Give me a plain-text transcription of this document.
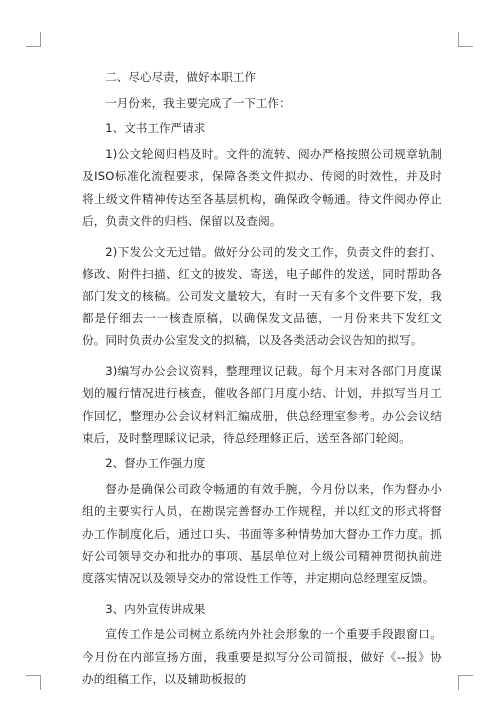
二、尽心尽责，做好本职工作

一月份来，我主要完成了一下工作：

1、文书工作严请求

1)公文轮阅归档及时。文件的流转、阅办严格按照公司规章轨制及ISO标准化流程要求，保障各类文件拟办、传阅的时效性，并及时将上级文件精神传达至各基层机构，确保政令畅通。待文件阅办停止后，负责文件的归档、保留以及查阅。

2)下发公文无过错。做好分公司的发文工作，负责文件的套打、修改、附件扫描、红文的披发、寄送，电子邮件的发送，同时帮助各部门发文的核稿。公司发文量较大，有时一天有多个文件要下发，我都是仔细去一一核查原稿，以确保发文品德，一月份来共下发红文份。同时负责办公室发文的拟稿，以及各类活动会议告知的拟写。

3)编写办公会议资料，整理理议记载。每个月末对各部门月度谋划的履行情况进行核查，催收各部门月度小结、计划，并拟写当月工作回忆，整理办公会议材料汇编成册，供总经理室参考。办公会议结束后，及时整理睬议记录，待总经理修正后，送至各部门轮阅。

2、督办工作强力度

督办是确保公司政令畅通的有效手腕，今月份以来，作为督办小组的主要实行人员，在勘误完善督办工作规程，并以红文的形式将督办工作制度化后，通过口头、书面等多种情势加大督办工作力度。抓好公司领导交办和批办的事项、基层单位对上级公司精神贯彻执前进度落实情况以及领导交办的常设性工作等，并定期向总经理室反馈。

3、内外宣传讲成果

宣传工作是公司树立系统内外社会形象的一个重要手段跟窗口。今月份在内部宣扬方面，我重要是拟写分公司简报，做好《--报》协办的组稿工作，以及辅助板报的
